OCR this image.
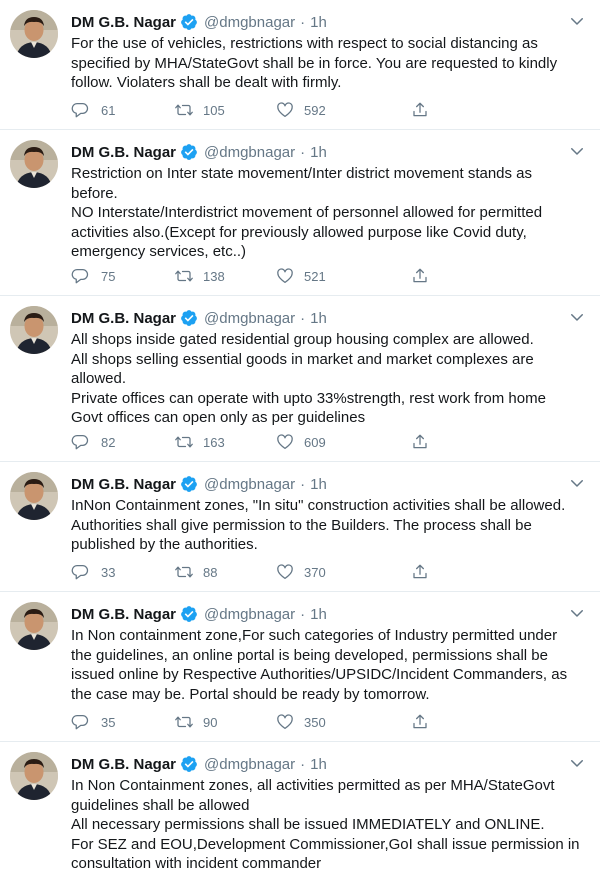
DM G.B. Nagar @dmgbnagar · 1h
For the use of vehicles, restrictions with respect to social distancing as
specified by MHA/StateGovt shall be in force. You are requested to kindly
follow. Violaters shall be dealt with firmly.
61	105	592
DM G.B. Nagar @dmgbnagar · 1h
Restriction on Inter state movement/Inter district movement stands as
before.
NO Interstate/Interdistrict movement of personnel allowed for permitted
activities also.(Except for previously allowed purpose like Covid duty,
emergency services, etc..)
75	138	521
DM G.B. Nagar @dmgbnagar · 1h
All shops inside gated residential group housing complex are allowed.
All shops selling essential goods in market and market complexes are
allowed.
Private offices can operate with upto 33%strength, rest work from home
Govt offices can open only as per guidelines
82	163	609
DM G.B. Nagar @dmgbnagar · 1h
InNon Containment zones, "In situ" construction activities shall be allowed.
Authorities shall give permission to the Builders. The process shall be
published by the authorities.
33	88	370
DM G.B. Nagar @dmgbnagar · 1h
In Non containment zone,For such categories of Industry permitted under
the guidelines, an online portal is being developed, permissions shall be
issued online by Respective Authorities/UPSIDC/Incident Commanders, as
the case may be. Portal should be ready by tomorrow.
35	90	350
DM G.B. Nagar @dmgbnagar · 1h
In Non Containment zones, all activities permitted as per MHA/StateGovt
guidelines shall be allowed
All necessary permissions shall be issued IMMEDIATELY and ONLINE.
For SEZ and EOU,Development Commissioner,GoI shall issue permission in
consultation with incident commander
